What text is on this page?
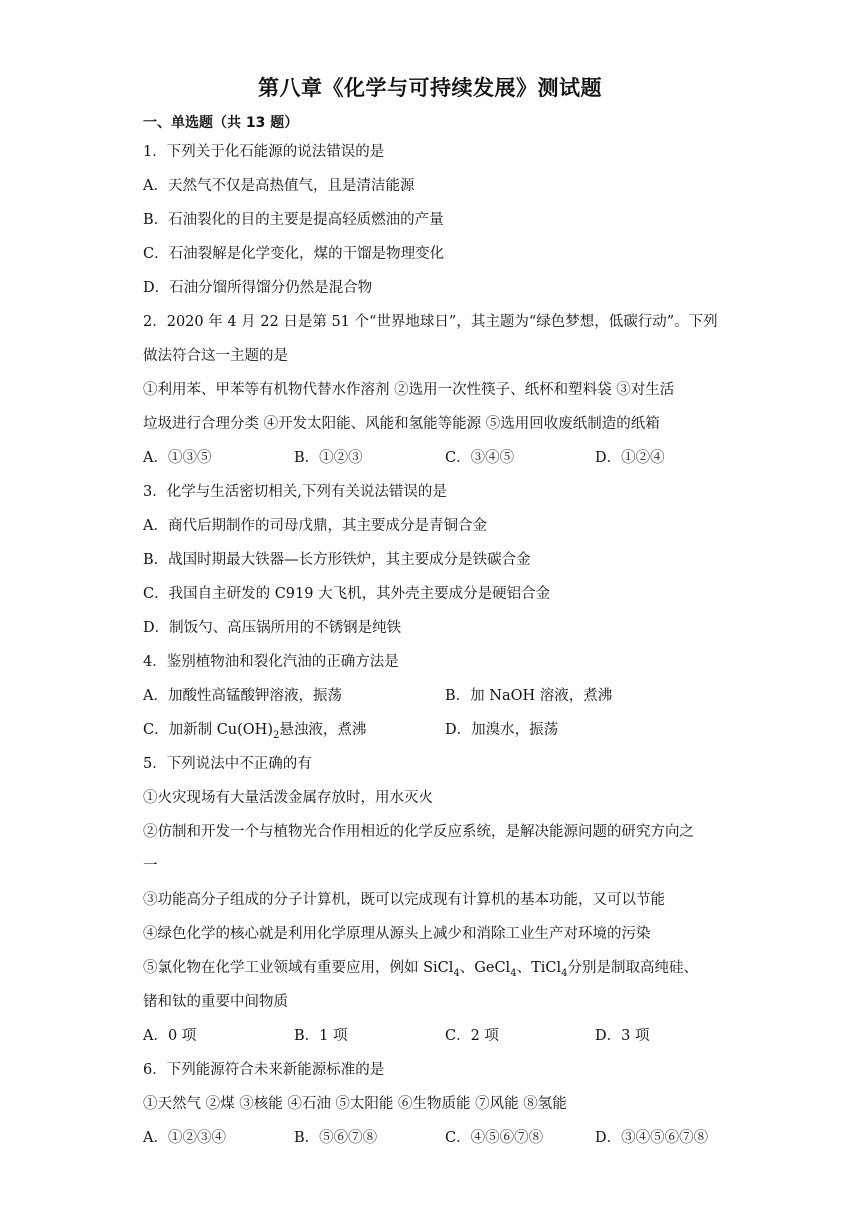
第八章《化学与可持续发展》测试题
一、单选题（共 13 题）
1．下列关于化石能源的说法错误的是
A．天然气不仅是高热值气，且是清洁能源
B．石油裂化的目的主要是提高轻质燃油的产量
C．石油裂解是化学变化，煤的干馏是物理变化
D．石油分馏所得馏分仍然是混合物
2．2020 年 4 月 22 日是第 51 个“世界地球日”，其主题为“绿色梦想，低碳行动”。下列
做法符合这一主题的是
①利用苯、甲苯等有机物代替水作溶剂 ②选用一次性筷子、纸杯和塑料袋 ③对生活
垃圾进行合理分类 ④开发太阳能、风能和氢能等能源 ⑤选用回收废纸制造的纸箱
A．①③⑤	B．①②③	C．③④⑤	D．①②④
3．化学与生活密切相关,下列有关说法错误的是
A．商代后期制作的司母戊鼎，其主要成分是青铜合金
B．战国时期最大铁器—长方形铁炉，其主要成分是铁碳合金
C．我国自主研发的 C919 大飞机，其外壳主要成分是硬铝合金
D．制饭勺、高压锅所用的不锈钢是纯铁
4．鉴别植物油和裂化汽油的正确方法是
A．加酸性高锰酸钾溶液，振荡	B．加 NaOH 溶液，煮沸
C．加新制 $Cu(OH)_2$悬浊液，煮沸	D．加溴水，振荡
5．下列说法中不正确的有
①火灾现场有大量活泼金属存放时，用水灭火
②仿制和开发一个与植物光合作用相近的化学反应系统，是解决能源问题的研究方向之
一
③功能高分子组成的分子计算机，既可以完成现有计算机的基本功能，又可以节能
④绿色化学的核心就是利用化学原理从源头上减少和消除工业生产对环境的污染
⑤氯化物在化学工业领域有重要应用，例如 SiCl$_4$、GeCl$_4$、TiCl$_4$分别是制取高纯硅、
锗和钛的重要中间物质
A．0 项	B．1 项	C．2 项	D．3 项
6．下列能源符合未来新能源标准的是
①天然气 ②煤 ③核能 ④石油 ⑤太阳能 ⑥生物质能 ⑦风能 ⑧氢能
A．①②③④	B．⑤⑥⑦⑧	C．④⑤⑥⑦⑧	D．③④⑤⑥⑦⑧
